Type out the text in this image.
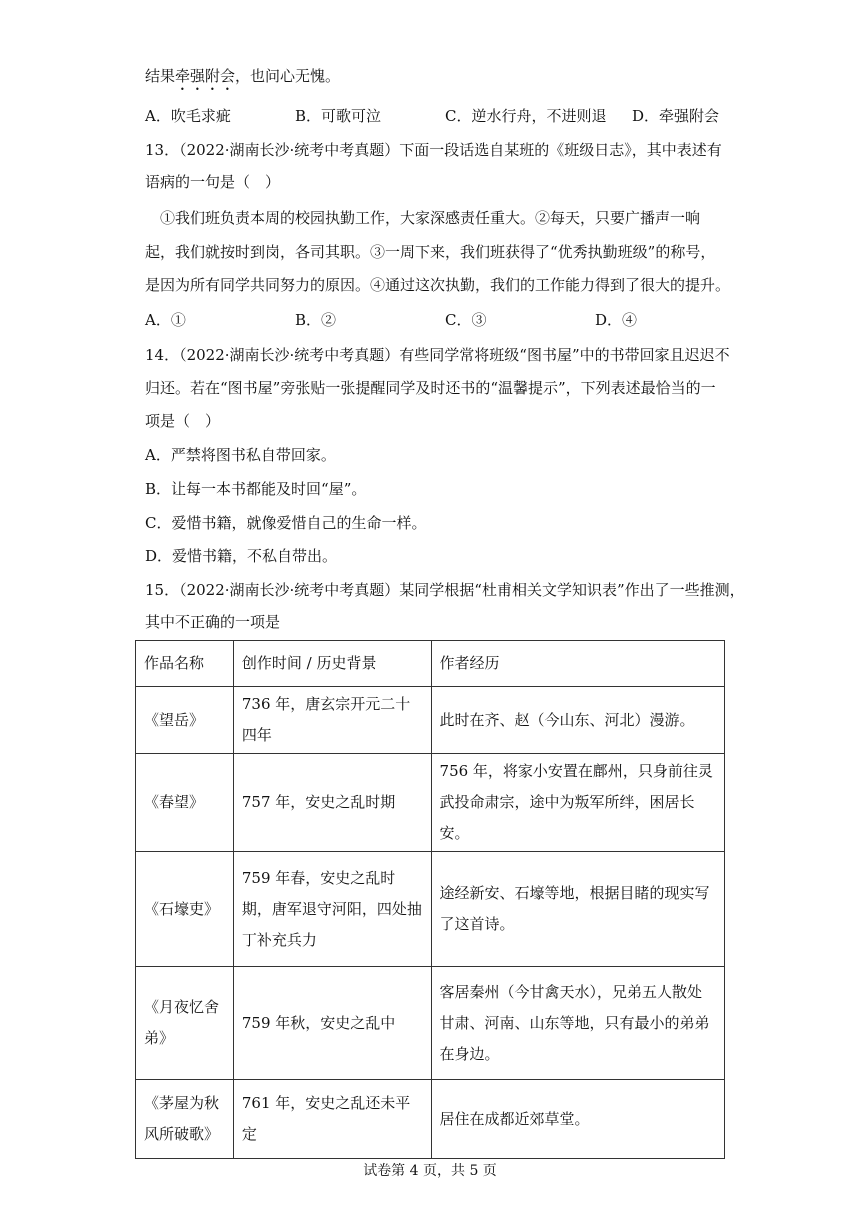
结果牵强附会，也问心无愧。
A．吹毛求疵	B．可歌可泣	C．逆水行舟，不进则退 D．牵强附会
13．（2022·湖南长沙·统考中考真题）下面一段话选自某班的《班级日志》，其中表述有
语病的一句是（　）
　①我们班负责本周的校园执勤工作，大家深感责任重大。②每天，只要广播声一响
起，我们就按时到岗，各司其职。③一周下来，我们班获得了“优秀执勤班级”的称号，
是因为所有同学共同努力的原因。④通过这次执勤，我们的工作能力得到了很大的提升。
A．①	B．②	C．③	D．④
14．（2022·湖南长沙·统考中考真题）有些同学常将班级“图书屋”中的书带回家且迟迟不
归还。若在“图书屋”旁张贴一张提醒同学及时还书的“温馨提示”，下列表述最恰当的一
项是（　）
A．严禁将图书私自带回家。
B．让每一本书都能及时回“屋”。
C．爱惜书籍，就像爱惜自己的生命一样。
D．爱惜书籍，不私自带出。
15．（2022·湖南长沙·统考中考真题）某同学根据“杜甫相关文学知识表”作出了一些推测，
其中不正确的一项是
作品名称	创作时间 / 历史背景	作者经历
《望岳》	736 年，唐玄宗开元二十四年	此时在齐、赵（今山东、河北）漫游。
《春望》	757 年，安史之乱时期	756 年，将家小安置在鄜州，只身前往灵武投命肃宗，途中为叛军所绊，困居长安。
《石壕吏》	759 年春，安史之乱时期，唐军退守河阳，四处抽丁补充兵力	途经新安、石壕等地，根据目睹的现实写了这首诗。
《月夜忆舍弟》	759 年秋，安史之乱中	客居秦州（今甘禽天水），兄弟五人散处甘肃、河南、山东等地，只有最小的弟弟在身边。
《茅屋为秋风所破歌》	761 年，安史之乱还未平定	居住在成都近郊草堂。
试卷第 4 页，共 5 页
